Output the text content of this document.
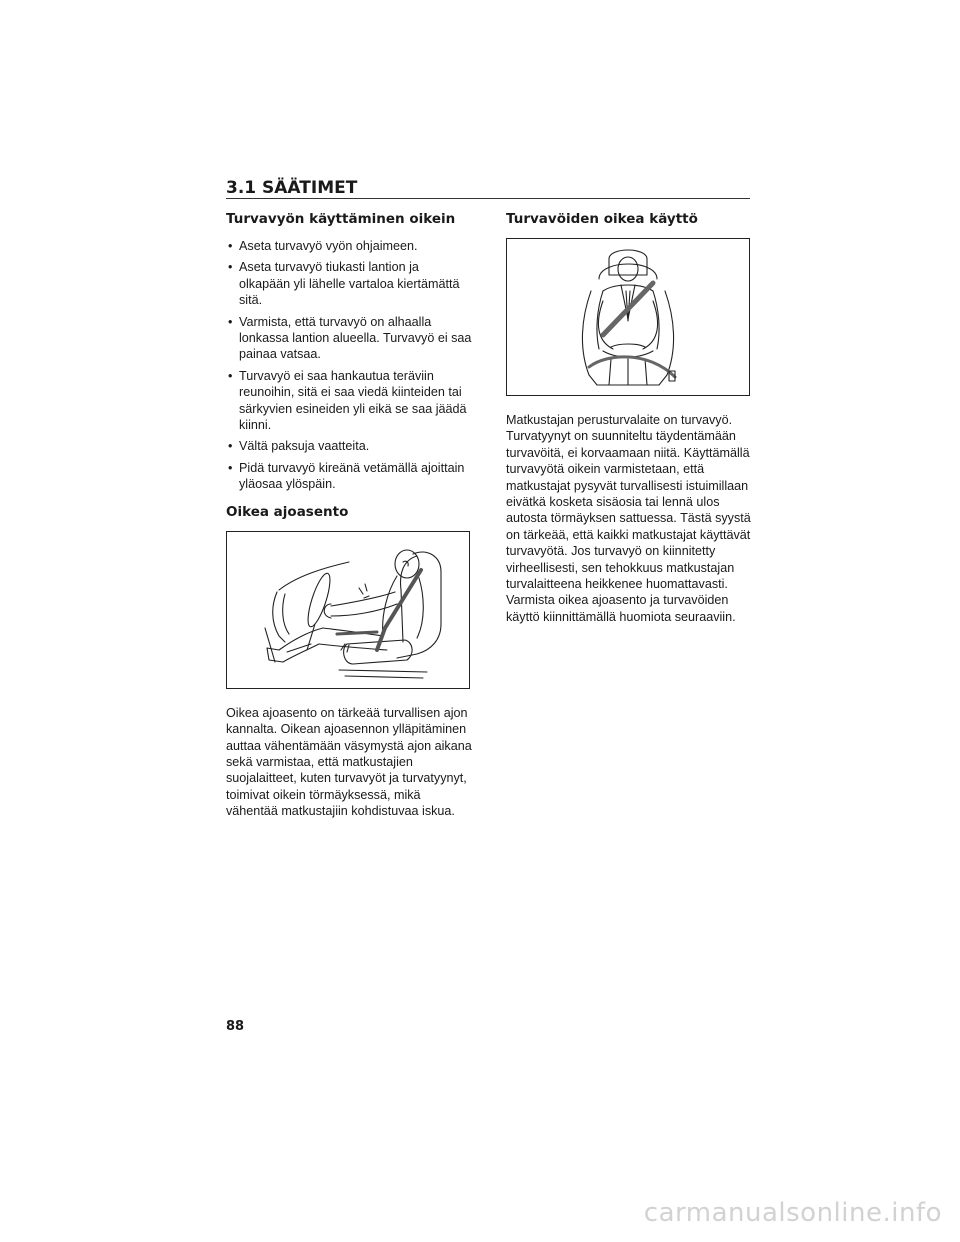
3.1 SÄÄTIMET
Turvavyön käyttäminen oikein
• Aseta turvavyö vyön ohjaimeen.
• Aseta turvavyö tiukasti lantion ja olkapään yli lähelle vartaloa kiertämättä sitä.
• Varmista, että turvavyö on alhaalla lonkassa lantion alueella. Turvavyö ei saa painaa vatsaa.
• Turvavyö ei saa hankautua teräviin reunoihin, sitä ei saa viedä kiinteiden tai särkyvien esineiden yli eikä se saa jäädä kiinni.
• Vältä paksuja vaatteita.
• Pidä turvavyö kireänä vetämällä ajoittain yläosaa ylöspäin.
Oikea ajoasento

Oikea ajoasento on tärkeää turvallisen ajon kannalta. Oikean ajoasennon ylläpitäminen auttaa vähentämään väsymystä ajon aikana sekä varmistaa, että matkustajien suojalaitteet, kuten turvavyöt ja turvatyynyt, toimivat oikein törmäyksessä, mikä vähentää matkustajiin kohdistuvaa iskua.

Turvavöiden oikea käyttö

Matkustajan perusturvalaite on turvavyö. Turvatyynyt on suunniteltu täydentämään turvavöitä, ei korvaamaan niitä. Käyttämällä turvavyötä oikein varmistetaan, että matkustajat pysyvät turvallisesti istuimillaan eivätkä kosketa sisäosia tai lennä ulos autosta törmäyksen sattuessa. Tästä syystä on tärkeää, että kaikki matkustajat käyttävät turvavyötä. Jos turvavyö on kiinnitetty virheellisesti, sen tehokkuus matkustajan turvalaitteena heikkenee huomattavasti. Varmista oikea ajoasento ja turvavöiden käyttö kiinnittämällä huomiota seuraaviin.

88
carmanualsonline.info
